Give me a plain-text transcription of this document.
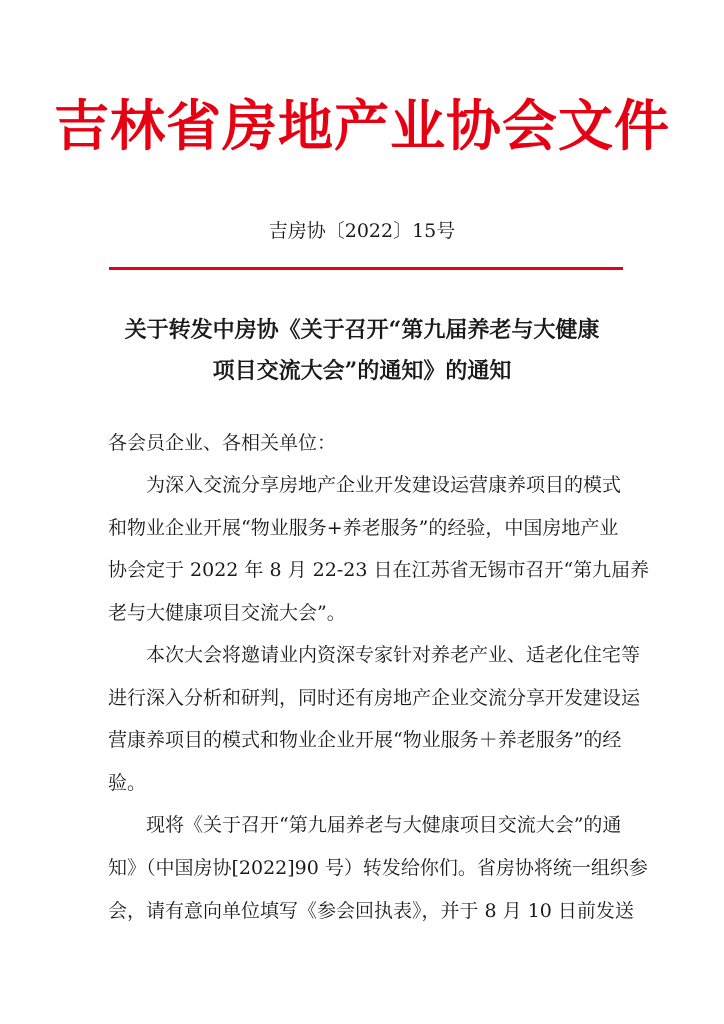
吉林省房地产业协会文件
吉房协〔2022〕15号
关于转发中房协《关于召开“第九届养老与大健康
项目交流大会”的通知》的通知
各会员企业、各相关单位：
为深入交流分享房地产企业开发建设运营康养项目的模式
和物业企业开展“物业服务+养老服务”的经验，中国房地产业
协会定于 2022 年 8 月 22-23 日在江苏省无锡市召开“第九届养
老与大健康项目交流大会”。
本次大会将邀请业内资深专家针对养老产业、适老化住宅等
进行深入分析和研判，同时还有房地产企业交流分享开发建设运
营康养项目的模式和物业企业开展“物业服务＋养老服务”的经
验。
现将《关于召开“第九届养老与大健康项目交流大会”的通
知》（中国房协[2022]90 号）转发给你们。省房协将统一组织参
会，请有意向单位填写《参会回执表》，并于 8 月 10 日前发送
